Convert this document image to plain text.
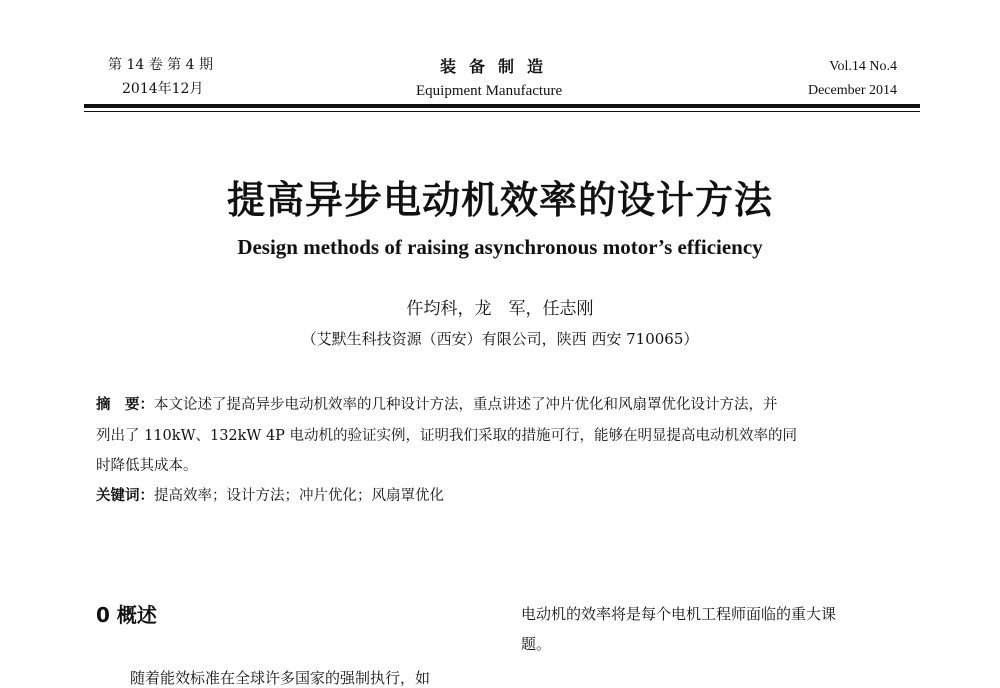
第 14 卷 第 4 期
2014年12月
装备制造
Equipment Manufacture
Vol.14 No.4
December 2014
提高异步电动机效率的设计方法
Design methods of raising asynchronous motor’s efficiency
仵均科，龙　军，任志刚
（艾默生科技资源（西安）有限公司，陕西 西安 710065）
摘　要：本文论述了提高异步电动机效率的几种设计方法，重点讲述了冲片优化和风扇罩优化设计方法，并
列出了 110kW、132kW 4P 电动机的验证实例，证明我们采取的措施可行，能够在明显提高电动机效率的同
时降低其成本。
关键词：提高效率；设计方法；冲片优化；风扇罩优化
0 概述
随着能效标准在全球许多国家的强制执行，如
电动机的效率将是每个电机工程师面临的重大课
题。
